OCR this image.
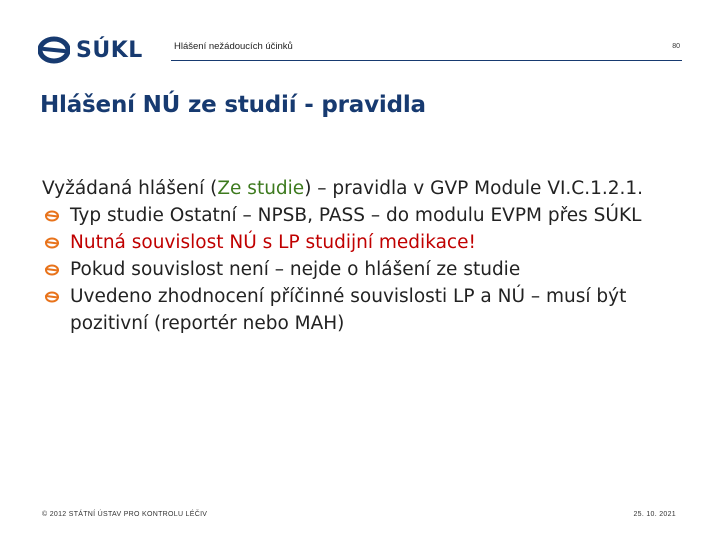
SÚKL	Hlášení nežádoucích účinků	80
Hlášení NÚ ze studií - pravidla

Vyžádaná hlášení (Ze studie) – pravidla v GVP Module VI.C.1.2.1.

Typ studie Ostatní – NPSB, PASS – do modulu EVPM přes SÚKL
Nutná souvislost NÚ s LP studijní medikace!
Pokud souvislost není – nejde o hlášení ze studie
Uvedeno zhodnocení příčinné souvislosti LP a NÚ – musí být pozitivní (reportér nebo MAH)
© 2012 STÁTNÍ ÚSTAV PRO KONTROLU LÉČIV	25. 10. 2021
